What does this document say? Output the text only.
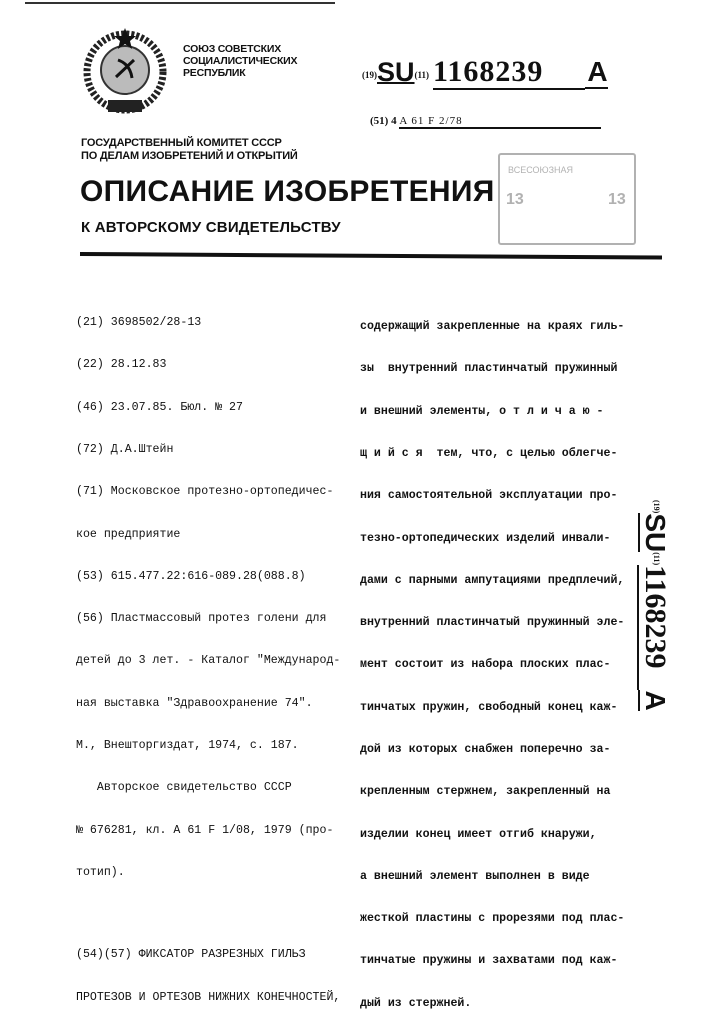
СОЮЗ СОВЕТСКИХ
СОЦИАЛИСТИЧЕСКИХ
РЕСПУБЛИК	(19)SU(11) 1168239 A
(51) 4 A 61 F 2/78
ГОСУДАРСТВЕННЫЙ КОМИТЕТ СССР
ПО ДЕЛАМ ИЗОБРЕТЕНИЙ И ОТКРЫТИЙ
ОПИСАНИЕ ИЗОБРЕТЕНИЯ
К АВТОРСКОМУ СВИДЕТЕЛЬСТВУ
ВСЕСОЮЗНАЯ
13	13

(21) 3698502/28-13

(22) 28.12.83

(46) 23.07.85. Бюл. № 27

(72) Д.А.Штейн

(71) Московское протезно-ортопедичес-

кое предприятие

(53) 615.477.22:616-089.28(088.8)

(56) Пластмассовый протез голени для

детей до 3 лет. - Каталог "Международ-

ная выставка "Здравоохранение 74".

М., Внешторгиздат, 1974, с. 187.

Авторское свидетельство СССР

№ 676281, кл. A 61 F 1/08, 1979 (про-

тотип).

(54)(57) ФИКСАТОР РАЗРЕЗНЫХ ГИЛЬЗ

ПРОТЕЗОВ И ОРТЕЗОВ НИЖНИХ КОНЕЧНОСТЕЙ,

содержащий закрепленные на краях гиль-

зы  внутренний пластинчатый пружинный

и внешний элементы, о т л и ч а ю -

щ и й с я  тем, что, с целью облегче-

ния самостоятельной эксплуатации про-

тезно-ортопедических изделий инвали-

дами с парными ампутациями предплечий,

внутренний пластинчатый пружинный эле-

мент состоит из набора плоских плас-

тинчатых пружин, свободный конец каж-

дой из которых снабжен поперечно за-

крепленным стержнем, закрепленный на

изделии конец имеет отгиб кнаружи,

а внешний элемент выполнен в виде

жесткой пластины с прорезями под плас-

тинчатые пружины и захватами под каж-

дый из стержней.

$^{(19)}$SU$^{(11)}$1168239A
